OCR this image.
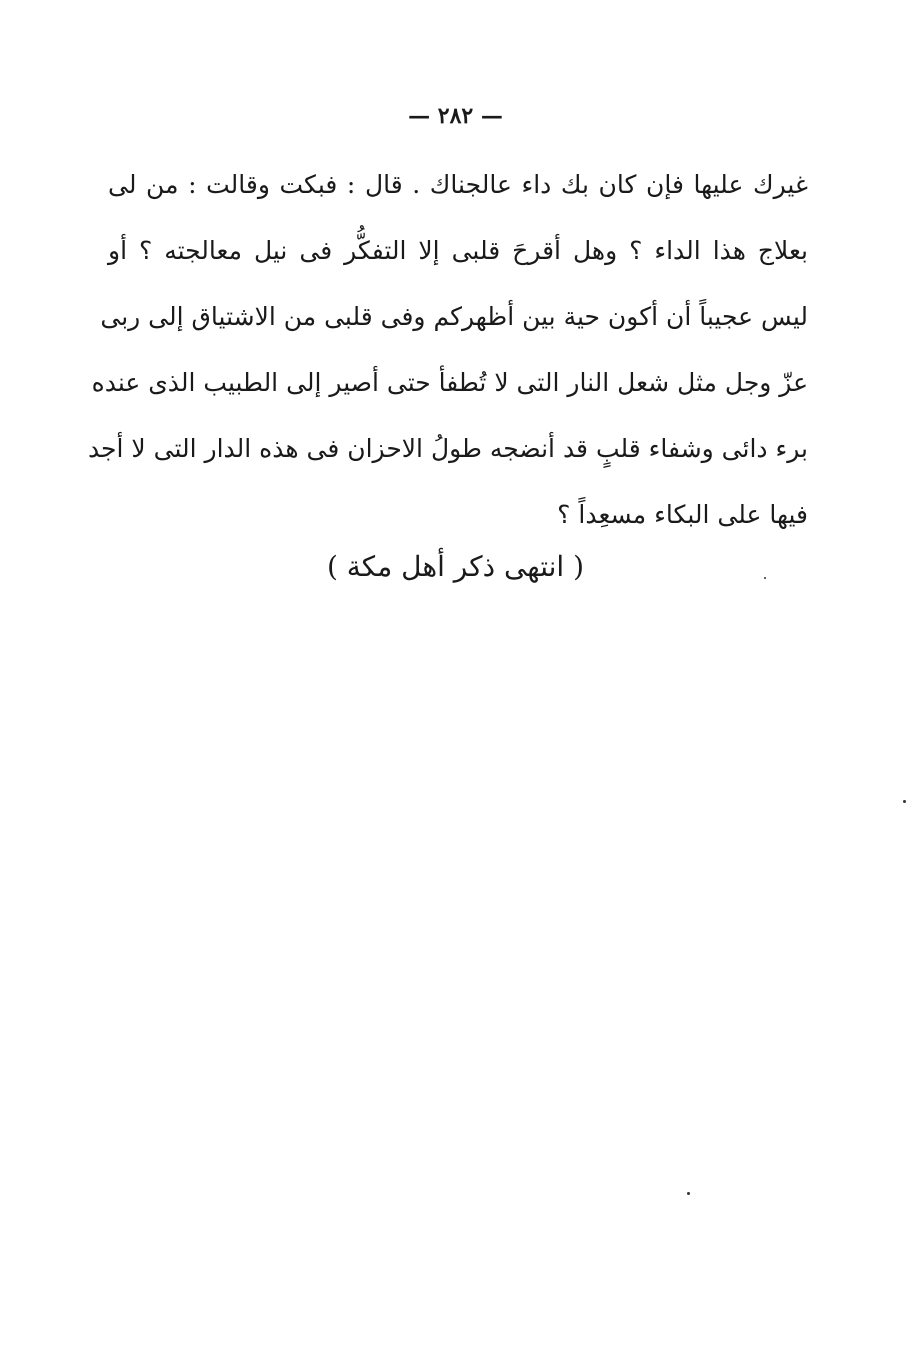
— ٢٨٢ —
غيرك عليها فإن كان بك داء عالجناك . قال : فبكت وقالت : من لى
بعلاج هذا الداء ؟ وهل أقرحَ قلبى إلا التفكُّر فى نيل معالجته ؟ أو
ليس عجيباً أن أكون حية بين أظهركم وفى قلبى من الاشتياق إلى ربى
عزّ وجل مثل شعل النار التى لا تُطفأ حتى أصير إلى الطبيب الذى عنده
برء دائى وشفاء قلبٍ قد أنضجه طولُ الاحزان فى هذه الدار التى لا أجد
فيها على البكاء مسعِداً ؟
( انتهى ذكر أهل مكة )
